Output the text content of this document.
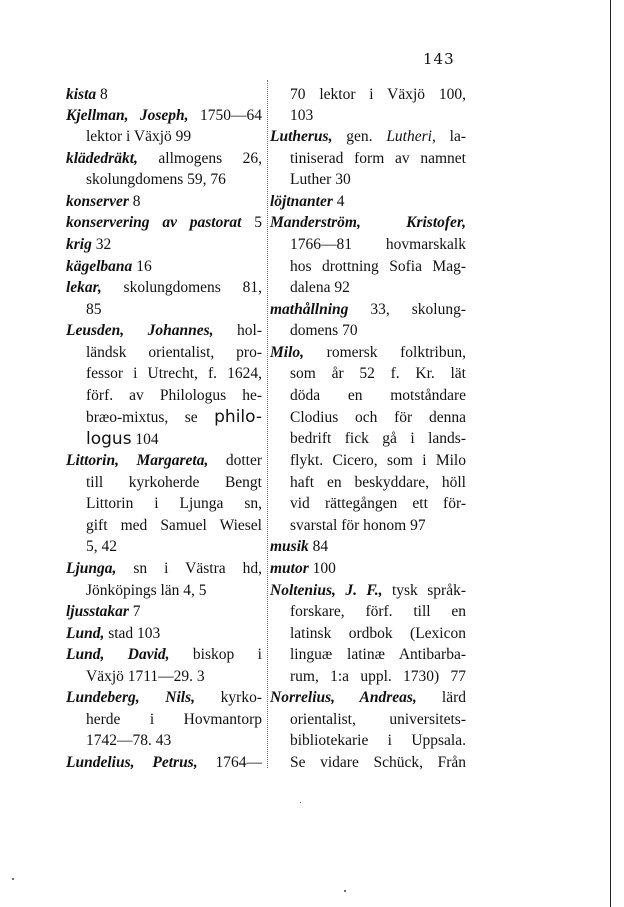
143
kista 8
Kjellman, Joseph, 1750—64
lektor i Växjö 99
klädedräkt, allmogens 26,
skolungdomens 59, 76
konserver 8
konservering av pastorat 5
krig 32
kägelbana 16
lekar, skolungdomens 81,
85
Leusden, Johannes, hol-
ländsk orientalist, pro-
fessor i Utrecht, f. 1624,
förf. av Philologus he-
bræo-mixtus, se philo-
logus 104
Littorin, Margareta, dotter
till kyrkoherde Bengt
Littorin i Ljunga sn,
gift med Samuel Wiesel
5, 42
Ljunga, sn i Västra hd,
Jönköpings län 4, 5
ljusstakar 7
Lund, stad 103
Lund, David, biskop i
Växjö 1711—29. 3
Lundeberg, Nils, kyrko-
herde i Hovmantorp
1742—78. 43
Lundelius, Petrus, 1764—
70 lektor i Växjö 100,
103
Lutherus, gen. Lutheri, la-
tiniserad form av namnet
Luther 30
löjtnanter 4
Manderström, Kristofer,
1766—81 hovmarskalk
hos drottning Sofia Mag-
dalena 92
mathållning 33, skolung-
domens 70
Milo, romersk folktribun,
som år 52 f. Kr. lät
döda en motståndare
Clodius och för denna
bedrift fick gå i lands-
flykt. Cicero, som i Milo
haft en beskyddare, höll
vid rättegången ett för-
svarstal för honom 97
musik 84
mutor 100
Noltenius, J. F., tysk språk-
forskare, förf. till en
latinsk ordbok (Lexicon
linguæ latinæ Antibarba-
rum, 1:a uppl. 1730) 77
Norrelius, Andreas, lärd
orientalist, universitets-
bibliotekarie i Uppsala.
Se vidare Schück, Från
